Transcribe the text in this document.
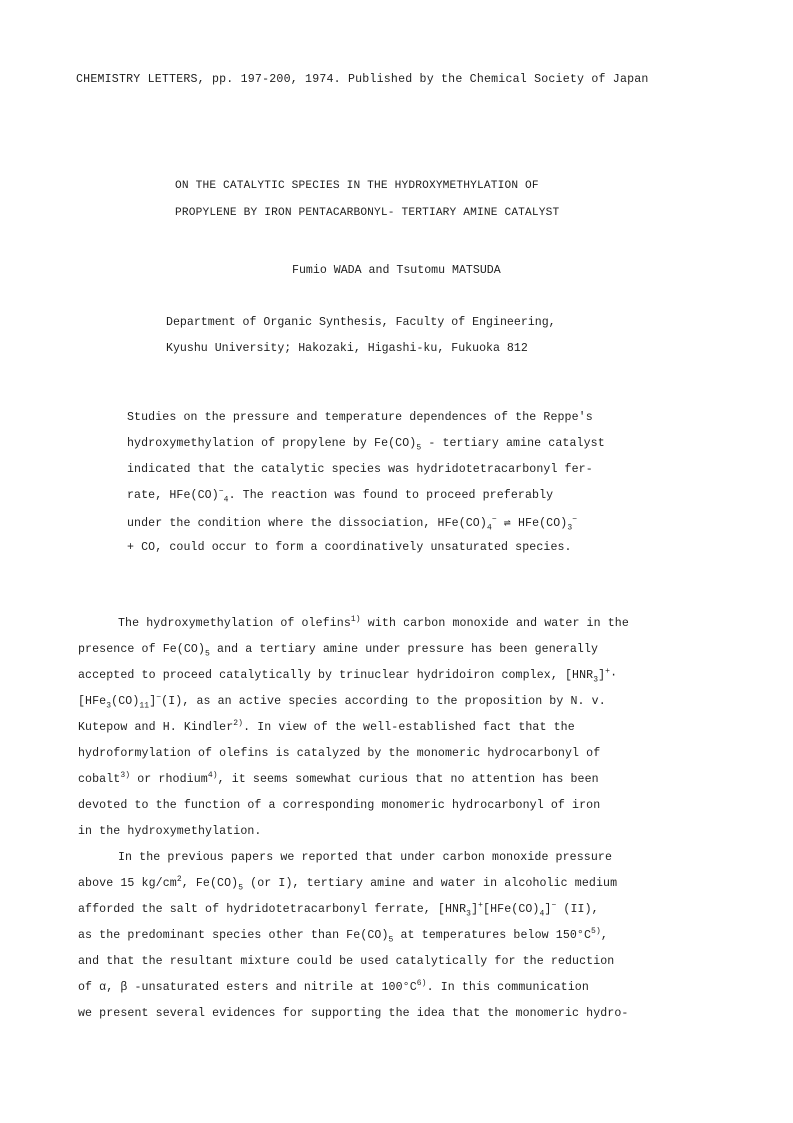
CHEMISTRY LETTERS, pp. 197-200, 1974. Published by the Chemical Society of Japan
ON THE CATALYTIC SPECIES IN THE HYDROXYMETHYLATION OF
PROPYLENE BY IRON PENTACARBONYL- TERTIARY AMINE CATALYST
Fumio WADA and Tsutomu MATSUDA
Department of Organic Synthesis, Faculty of Engineering,
Kyushu University; Hakozaki, Higashi-ku, Fukuoka 812
Studies on the pressure and temperature dependences of the Reppe's
hydroxymethylation of propylene by $Fe(CO)_5$ - tertiary amine catalyst
indicated that the catalytic species was hydridotetracarbonyl fer-
rate, $HFe(CO)^-_4$. The reaction was found to proceed preferably
under the condition where the dissociation, $HFe(CO)_4^-$ ⇌ $HFe(CO)_3^-$
+ CO, could occur to form a coordinatively unsaturated species.
The hydroxymethylation of olefins$^{1)}$ with carbon monoxide and water in the
presence of $Fe(CO)_5$ and a tertiary amine under pressure has been generally
accepted to proceed catalytically by trinuclear hydridoiron complex, $[HNR_3]^+\cdot$
$[HFe_3(CO)_{11}]^-(I)$, as an active species according to the proposition by N. v.
Kutepow and H. Kindler$^{2)}$. In view of the well-established fact that the
hydroformylation of olefins is catalyzed by the monomeric hydrocarbonyl of
cobalt$^{3)}$ or rhodium$^{4)}$, it seems somewhat curious that no attention has been
devoted to the function of a corresponding monomeric hydrocarbonyl of iron
in the hydroxymethylation.
In the previous papers we reported that under carbon monoxide pressure
above 15 $kg/cm^2$, $Fe(CO)_5$ (or I), tertiary amine and water in alcoholic medium
afforded the salt of hydridotetracarbonyl ferrate, $[HNR_3]^+[HFe(CO)_4]^-$ (II),
as the predominant species other than $Fe(CO)_5$ at temperatures below $150^\circ C^{5)}$,
and that the resultant mixture could be used catalytically for the reduction
of α, β -unsaturated esters and nitrile at $100^\circ C^{6)}$. In this communication
we present several evidences for supporting the idea that the monomeric hydro-
